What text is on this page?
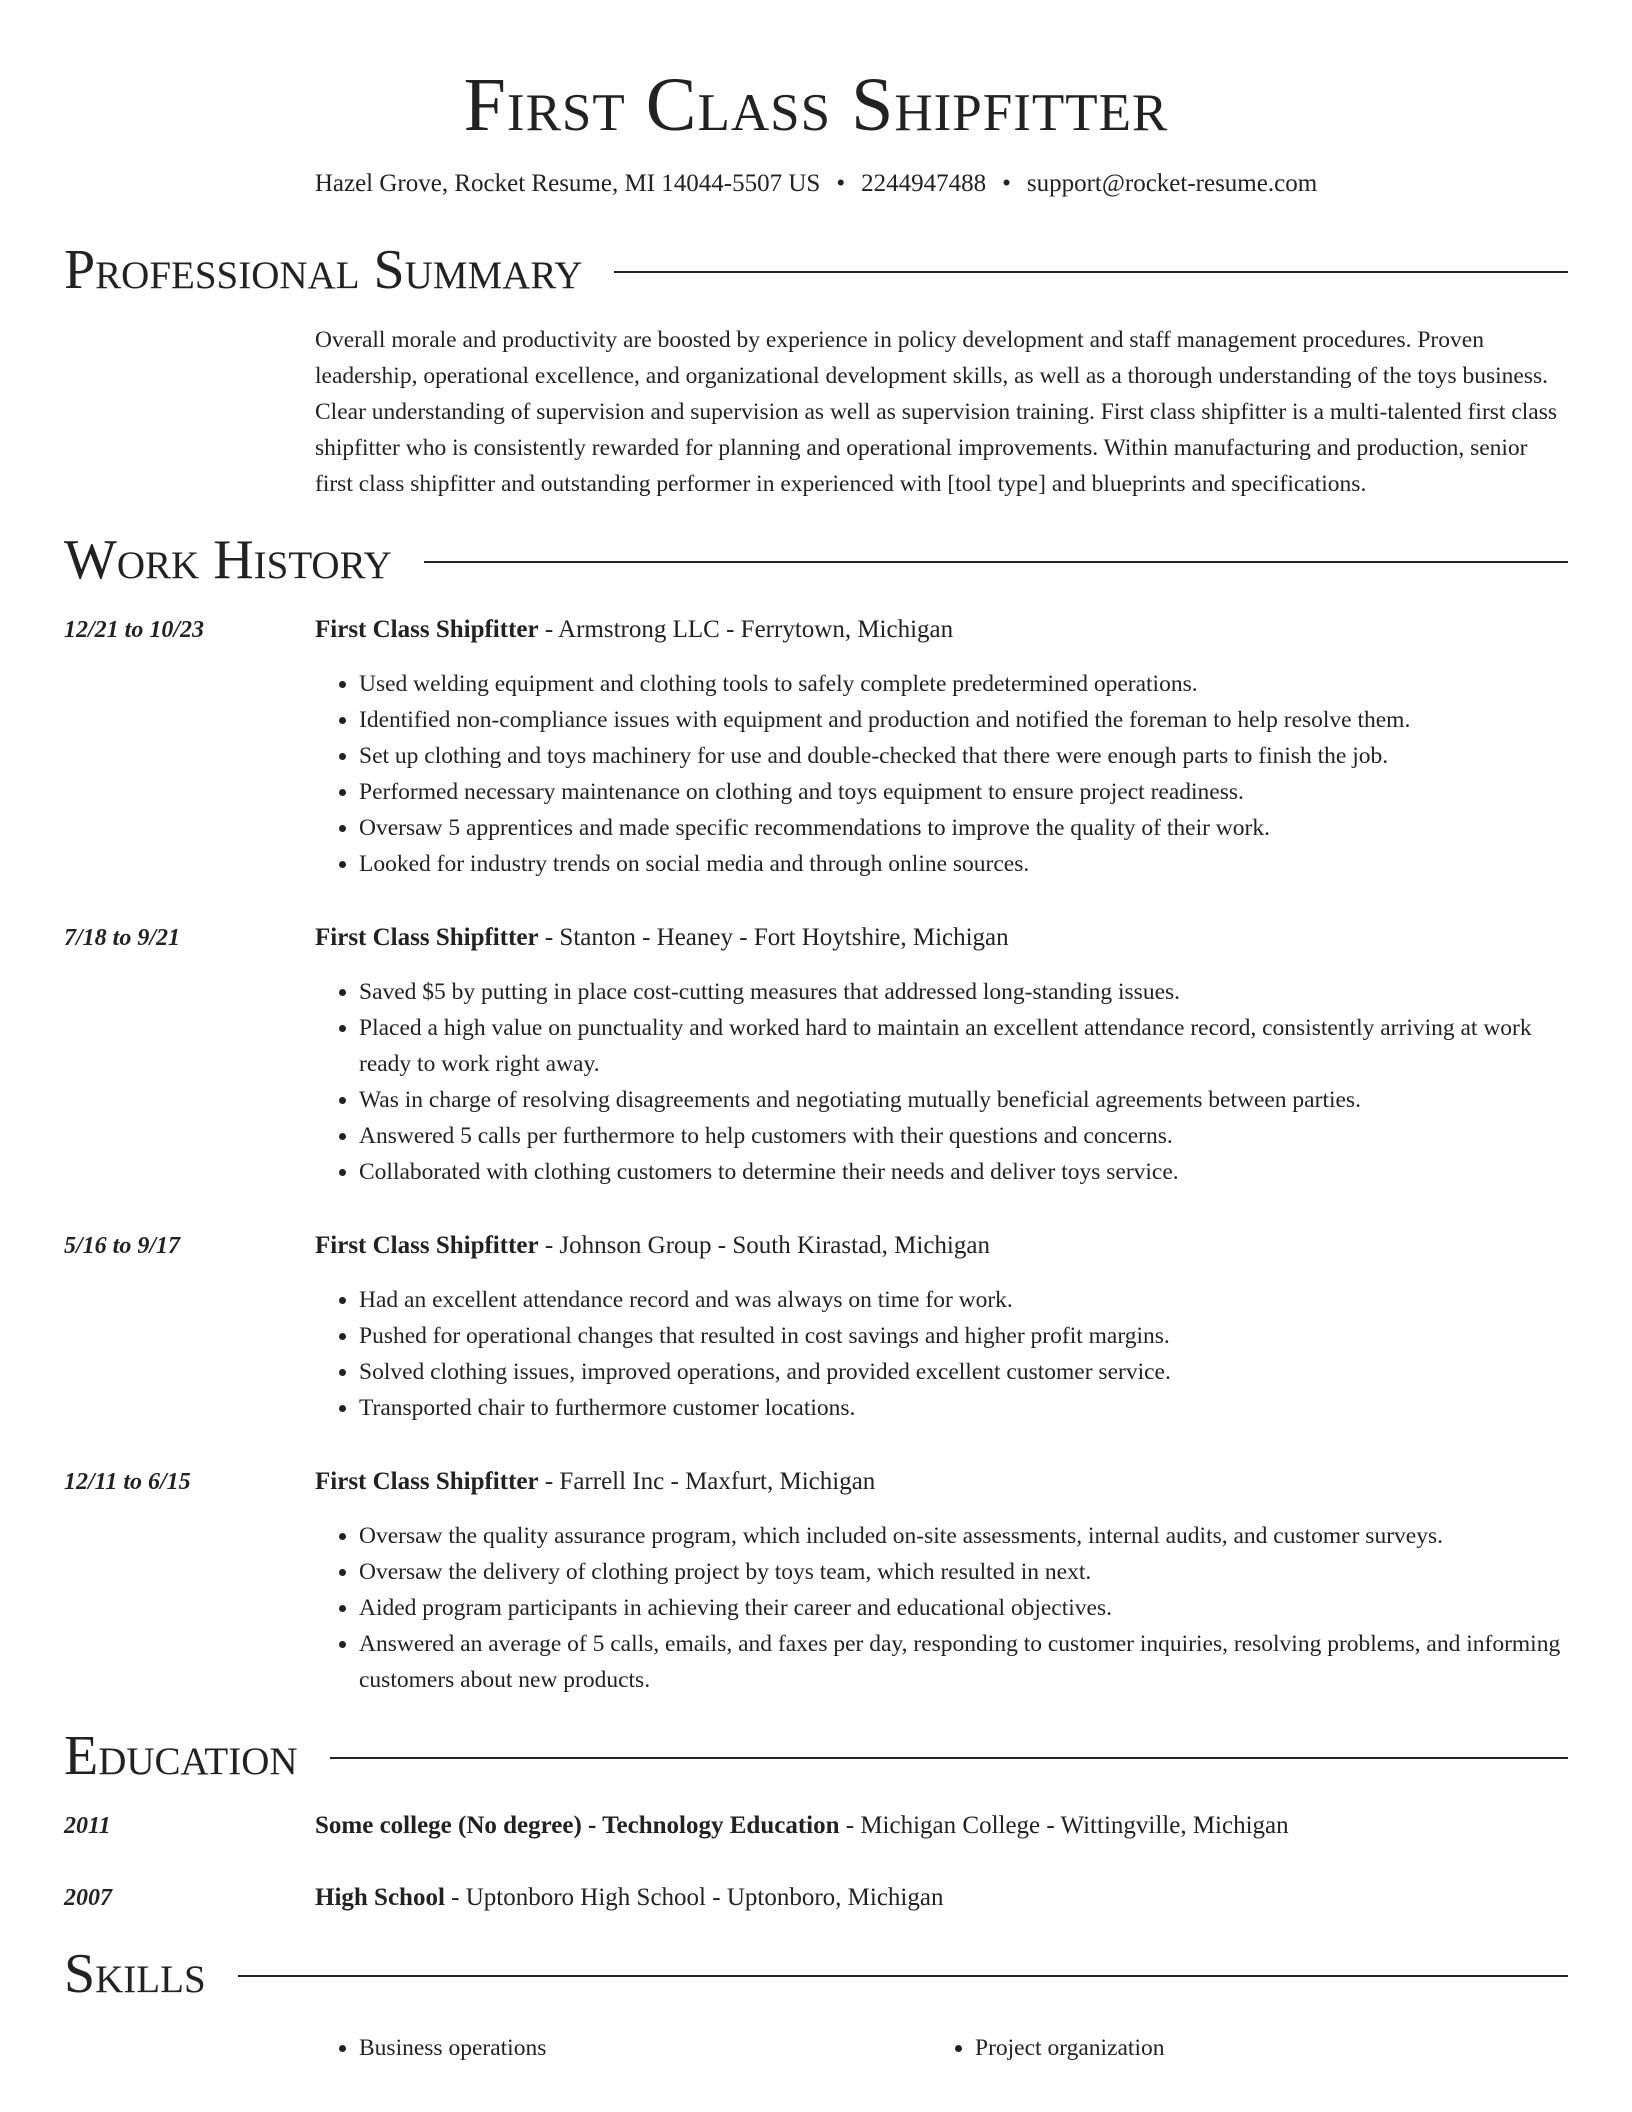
First Class Shipfitter
Hazel Grove, Rocket Resume, MI 14044-5507 US • 2244947488 • support@rocket-resume.com
Professional Summary
Overall morale and productivity are boosted by experience in policy development and staff management procedures. Proven leadership, operational excellence, and organizational development skills, as well as a thorough understanding of the toys business. Clear understanding of supervision and supervision as well as supervision training. First class shipfitter is a multi-talented first class shipfitter who is consistently rewarded for planning and operational improvements. Within manufacturing and production, senior first class shipfitter and outstanding performer in experienced with [tool type] and blueprints and specifications.
Work History
12/21 to 10/23	First Class Shipfitter - Armstrong LLC - Ferrytown, Michigan
• Used welding equipment and clothing tools to safely complete predetermined operations.
• Identified non-compliance issues with equipment and production and notified the foreman to help resolve them.
• Set up clothing and toys machinery for use and double-checked that there were enough parts to finish the job.
• Performed necessary maintenance on clothing and toys equipment to ensure project readiness.
• Oversaw 5 apprentices and made specific recommendations to improve the quality of their work.
• Looked for industry trends on social media and through online sources.
7/18 to 9/21	First Class Shipfitter - Stanton - Heaney - Fort Hoytshire, Michigan
• Saved $5 by putting in place cost-cutting measures that addressed long-standing issues.
• Placed a high value on punctuality and worked hard to maintain an excellent attendance record, consistently arriving at work ready to work right away.
• Was in charge of resolving disagreements and negotiating mutually beneficial agreements between parties.
• Answered 5 calls per furthermore to help customers with their questions and concerns.
• Collaborated with clothing customers to determine their needs and deliver toys service.
5/16 to 9/17	First Class Shipfitter - Johnson Group - South Kirastad, Michigan
• Had an excellent attendance record and was always on time for work.
• Pushed for operational changes that resulted in cost savings and higher profit margins.
• Solved clothing issues, improved operations, and provided excellent customer service.
• Transported chair to furthermore customer locations.
12/11 to 6/15	First Class Shipfitter - Farrell Inc - Maxfurt, Michigan
• Oversaw the quality assurance program, which included on-site assessments, internal audits, and customer surveys.
• Oversaw the delivery of clothing project by toys team, which resulted in next.
• Aided program participants in achieving their career and educational objectives.
• Answered an average of 5 calls, emails, and faxes per day, responding to customer inquiries, resolving problems, and informing customers about new products.
Education
2011	Some college (No degree) - Technology Education - Michigan College - Wittingville, Michigan
2007	High School - Uptonboro High School - Uptonboro, Michigan
Skills
• Business operations
•	Project organization
